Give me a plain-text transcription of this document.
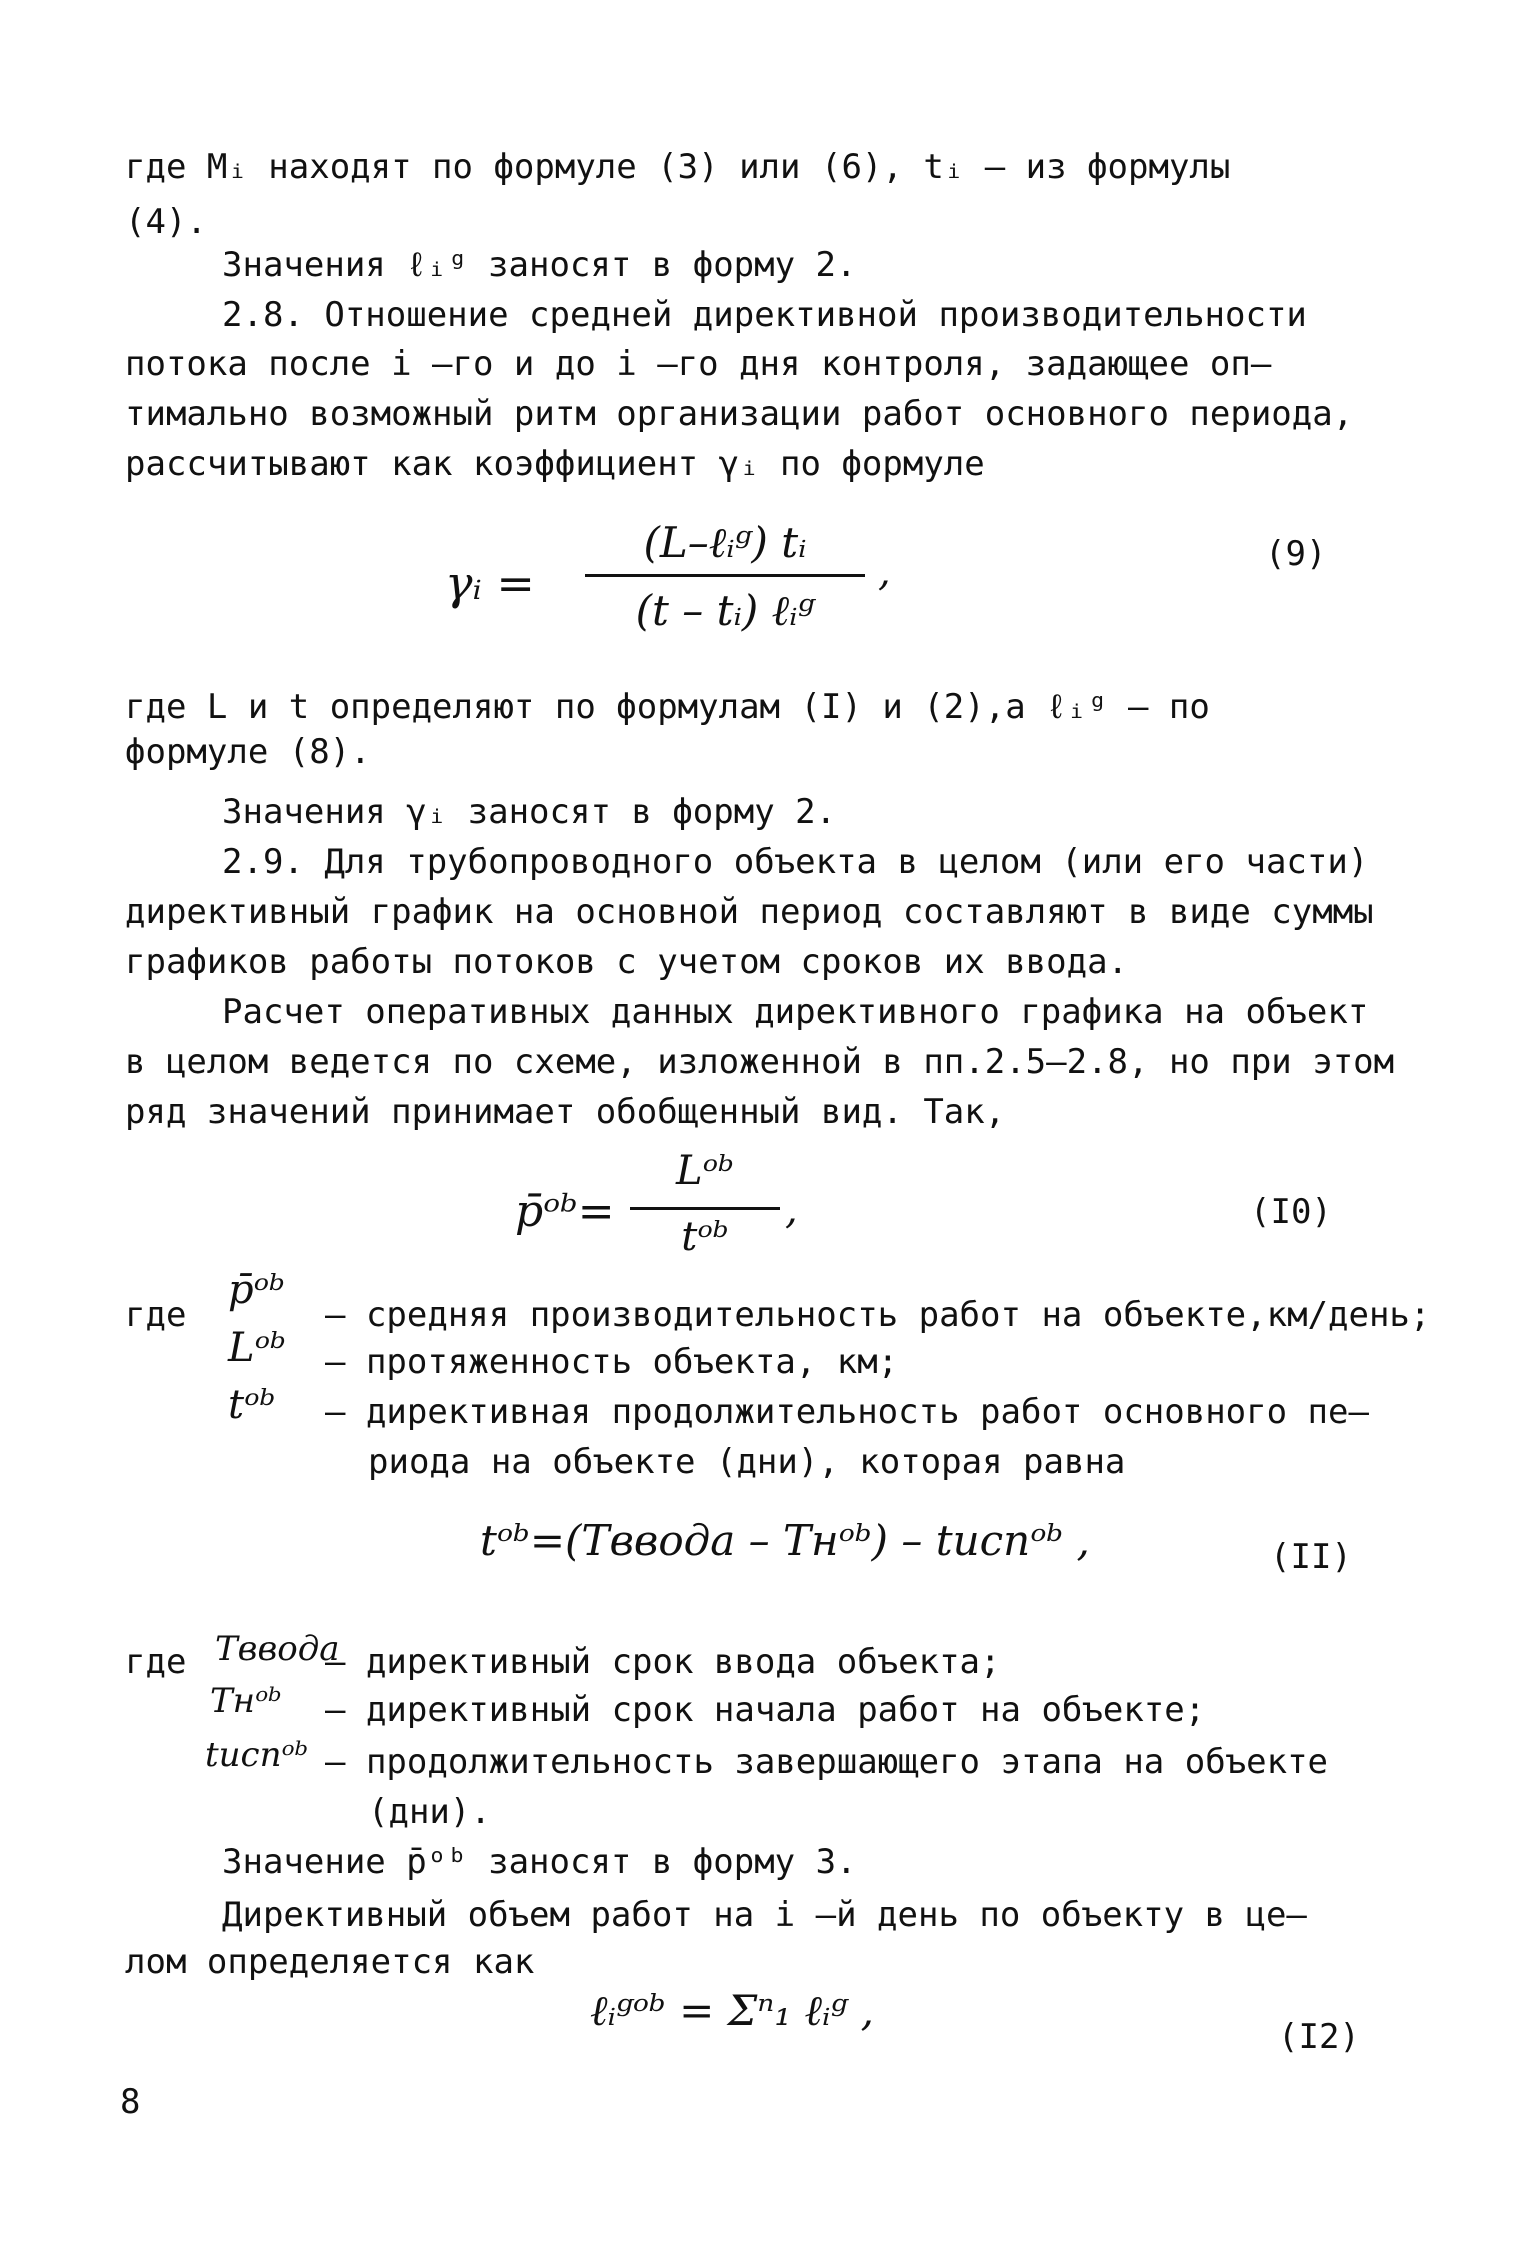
где Mᵢ находят по формуле (3) или (6), tᵢ – из формулы
(4).
Значения ℓᵢᵍ заносят в форму 2.
2.8. Отношение средней директивной производительности
потока после i –го и до i –го дня контроля, задающее оп–
тимально возможный ритм организации работ основного периода,
рассчитывают как коэффициент γᵢ по формуле
γᵢ =
(L–ℓᵢᵍ) tᵢ
(t – tᵢ) ℓᵢᵍ
,	(9)
где L и t определяют по формулам (I) и (2),а ℓᵢᵍ – по
формуле (8).
Значения γᵢ заносят в форму 2.
2.9. Для трубопроводного объекта в целом (или его части)
директивный график на основной период составляют в виде суммы
графиков работы потоков с учетом сроков их ввода.
Расчет оперативных данных директивного графика на объект
в целом ведется по схеме, изложенной в пп.2.5–2.8, но при этом
ряд значений принимает обобщенный вид. Так,
p̄ᵒᵇ=
Lᵒᵇ
tᵒᵇ
,	(I0)
где
p̄ᵒᵇ
– средняя производительность работ на объекте,км/день;
Lᵒᵇ – протяженность объекта, км;
tᵒᵇ – директивная продолжительность работ основного пе–
риода на объекте (дни), которая равна
tᵒᵇ=(Tввода – Tнᵒᵇ) – tиспᵒᵇ ,	(II)
где Tввода
– директивный срок ввода объекта;
Tнᵒᵇ – директивный срок начала работ на объекте;
tиспᵒᵇ – продолжительность завершающего этапа на объекте
(дни).
Значение p̄ᵒᵇ заносят в форму 3.
Директивный объем работ на i –й день по объекту в це–
лом определяется как
ℓᵢᵍᵒᵇ = Σⁿ₁ ℓᵢᵍ ,
(I2)
8
